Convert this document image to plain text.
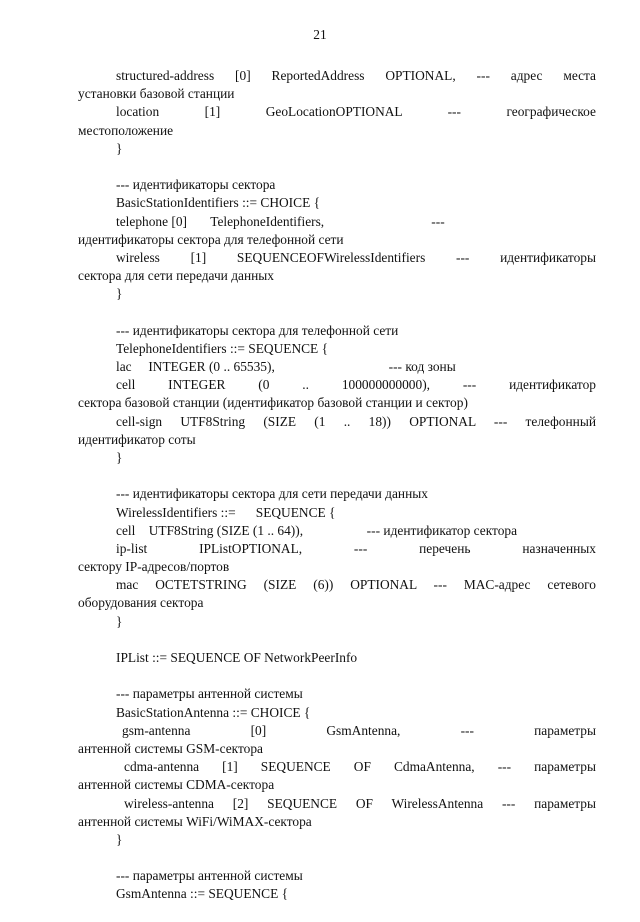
21
structured-address [0] ReportedAddress OPTIONAL, --- адрес места
установки базовой станции
location [1] GeoLocationOPTIONAL --- географическое
местоположение
}
--- идентификаторы сектора
BasicStationIdentifiers ::= CHOICE {
telephone [0]       TelephoneIdentifiers,                                ---
идентификаторы сектора для телефонной сети
wireless [1] SEQUENCEOFWirelessIdentifiers --- идентификаторы
сектора для сети передачи данных
}
--- идентификаторы сектора для телефонной сети
TelephoneIdentifiers ::= SEQUENCE {
lac     INTEGER (0 .. 65535),                                  --- код зоны
cell INTEGER (0 .. 100000000000), --- идентификатор
сектора базовой станции (идентификатор базовой станции и сектор)
cell-sign UTF8String (SIZE (1 .. 18)) OPTIONAL --- телефонный
идентификатор соты
}
--- идентификаторы сектора для сети передачи данных
WirelessIdentifiers ::=      SEQUENCE {
cell    UTF8String (SIZE (1 .. 64)),                   --- идентификатор сектора
ip-list IPListOPTIONAL, --- перечень назначенных
сектору IP-адресов/портов
mac OCTETSTRING (SIZE (6)) OPTIONAL --- MAC-адрес сетевого
оборудования сектора
}
IPList ::= SEQUENCE OF NetworkPeerInfo
--- параметры антенной системы
BasicStationAntenna ::= CHOICE {
gsm-antenna [0] GsmAntenna, --- параметры
антенной системы GSM-сектора
cdma-antenna [1] SEQUENCE OF CdmaAntenna, --- параметры
антенной системы CDMA-сектора
wireless-antenna [2] SEQUENCE OF WirelessAntenna --- параметры
антенной системы WiFi/WiMAX-сектора
}
--- параметры антенной системы
GsmAntenna ::= SEQUENCE {
